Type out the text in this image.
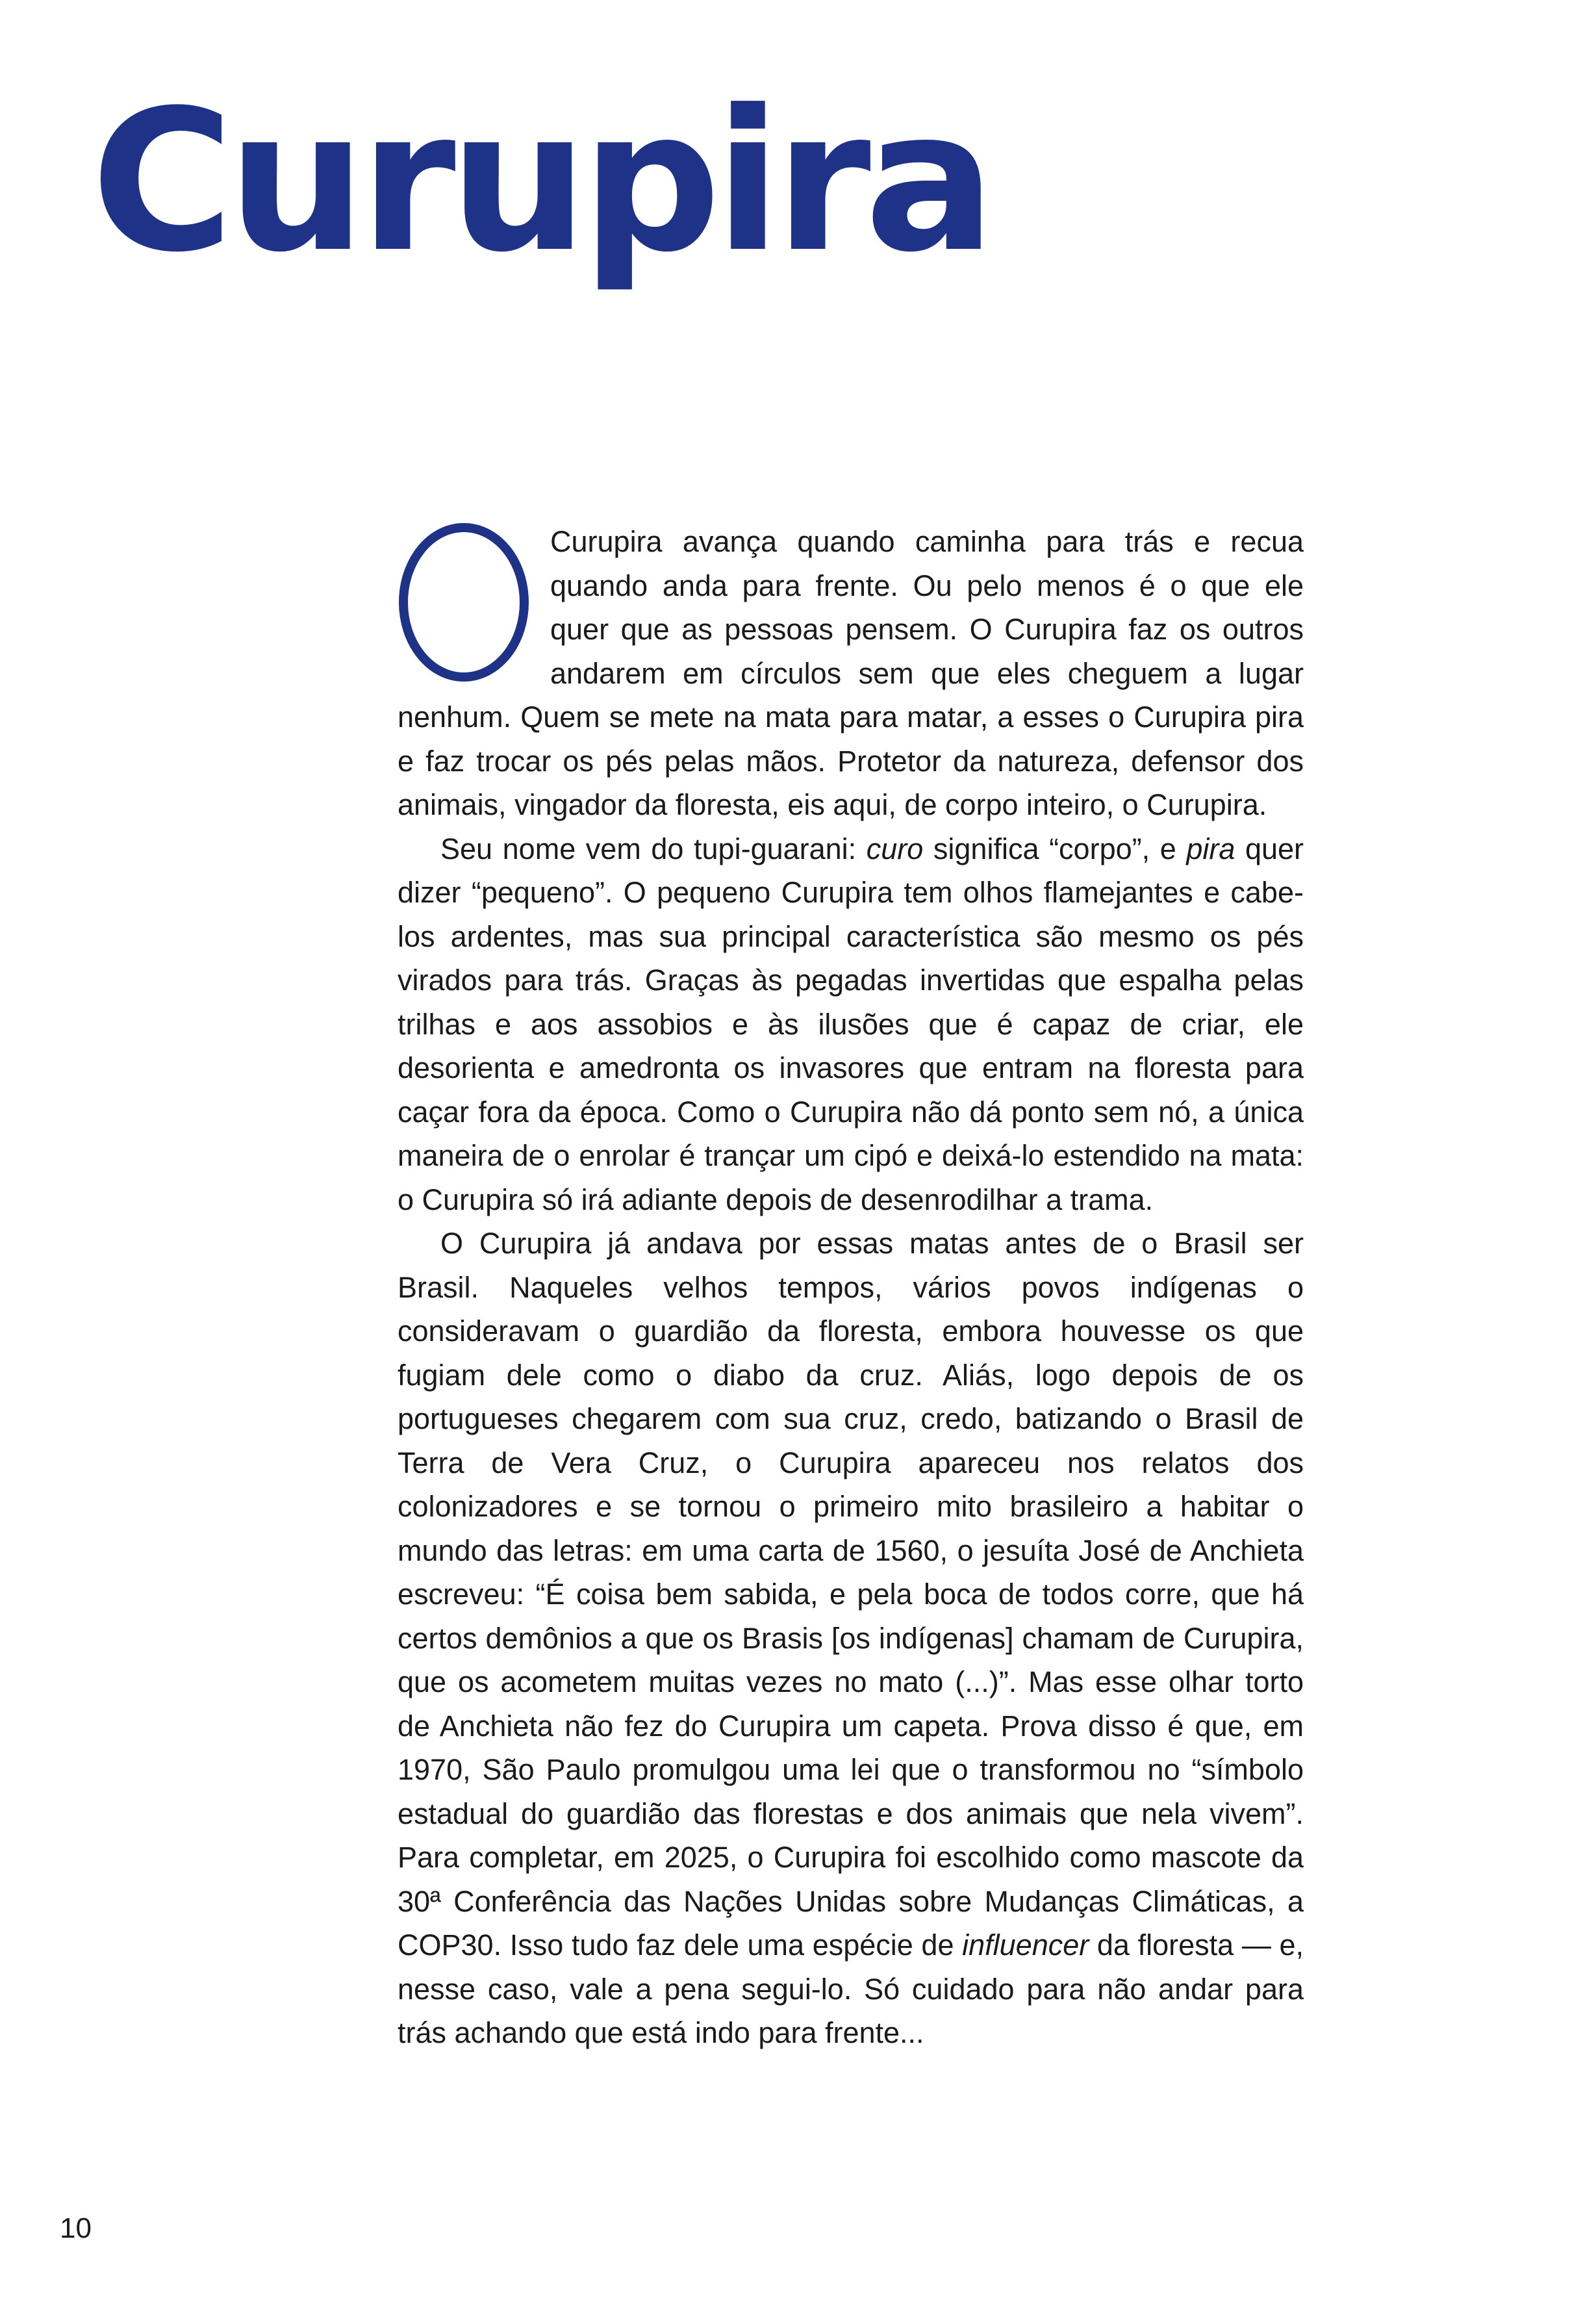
Curupira

Curupira avança quando caminha para trás e recua quando anda para frente. Ou pelo menos é o que ele quer que as pessoas pensem. O Curupira faz os outros andarem em círculos sem que eles cheguem a lugar nenhum. Quem se mete na mata para matar, a esses o Curupira pira e faz trocar os pés pelas mãos. Protetor da natureza, defensor dos animais, vingador da floresta, eis aqui, de corpo inteiro, o Curupira.

Seu nome vem do tupi-guarani: curo significa “corpo”, e pira quer dizer “pequeno”. O pequeno Curupira tem olhos flamejantes e cabelos ardentes, mas sua principal característica são mesmo os pés virados para trás. Graças às pegadas invertidas que espalha pelas trilhas e aos assobios e às ilusões que é capaz de criar, ele desorienta e amedronta os invasores que entram na floresta para caçar fora da época. Como o Curupira não dá ponto sem nó, a única maneira de o enrolar é trançar um cipó e deixá-lo estendido na mata: o Curupira só irá adiante depois de desenrodilhar a trama.

O Curupira já andava por essas matas antes de o Brasil ser Brasil. Naqueles velhos tempos, vários povos indígenas o consideravam o guardião da floresta, embora houvesse os que fugiam dele como o diabo da cruz. Aliás, logo depois de os portugueses chegarem com sua cruz, credo, batizando o Brasil de Terra de Vera Cruz, o Curupira apareceu nos relatos dos colonizadores e se tornou o primeiro mito brasileiro a habitar o mundo das letras: em uma carta de 1560, o jesuíta José de Anchieta escreveu: “É coisa bem sabida, e pela boca de todos corre, que há certos demônios a que os Brasis [os indígenas] chamam de Curupira, que os acometem muitas vezes no mato (...)”. Mas esse olhar torto de Anchieta não fez do Curupira um capeta. Prova disso é que, em 1970, São Paulo promulgou uma lei que o transformou no “símbolo estadual do guardião das florestas e dos animais que nela vivem”. Para completar, em 2025, o Curupira foi escolhido como mascote da 30ª Conferência das Nações Unidas sobre Mudanças Climáticas, a COP30. Isso tudo faz dele uma espécie de influencer da floresta — e, nesse caso, vale a pena segui-lo. Só cuidado para não andar para trás achando que está indo para frente...

10
